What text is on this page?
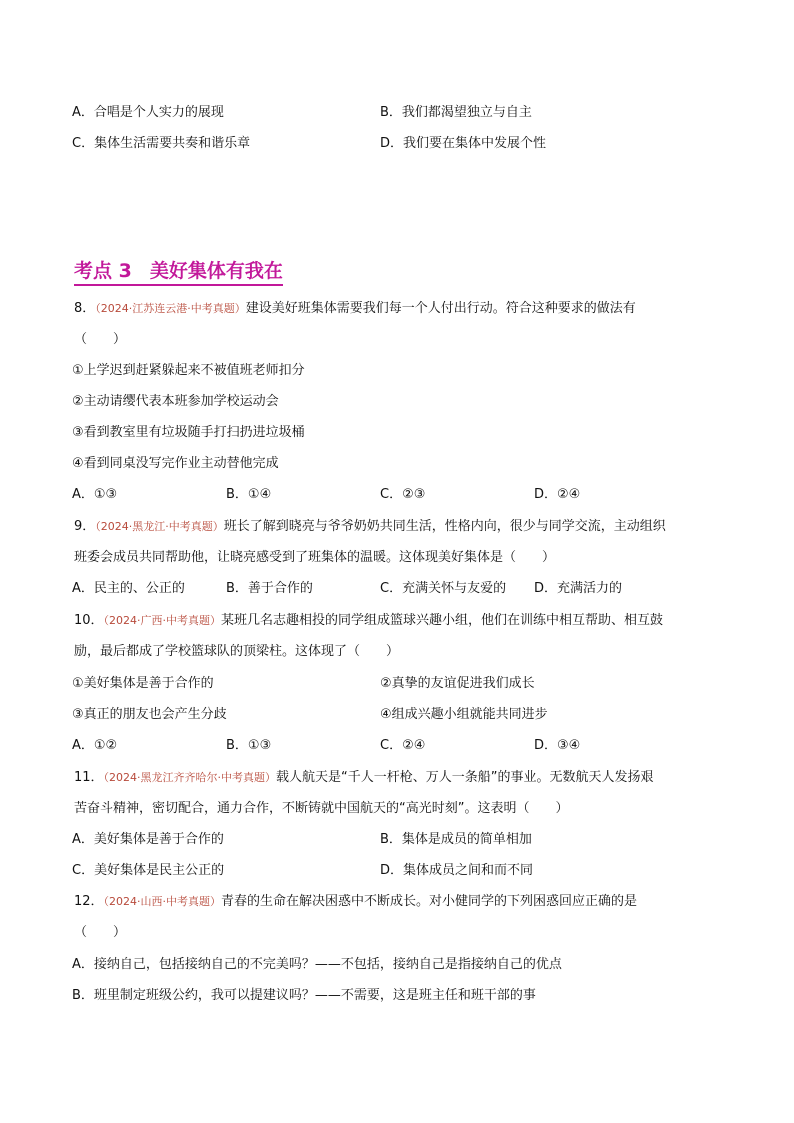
A．合唱是个人实力的展现	B．我们都渴望独立与自主
C．集体生活需要共奏和谐乐章	D．我们要在集体中发展个性
考点 3 美好集体有我在
8．（2024·江苏连云港·中考真题）建设美好班集体需要我们每一个人付出行动。符合这种要求的做法有
（　　）
①上学迟到赶紧躲起来不被值班老师扣分
②主动请缨代表本班参加学校运动会
③看到教室里有垃圾随手打扫扔进垃圾桶
④看到同桌没写完作业主动替他完成
A．①③	B．①④	C．②③	D．②④
9．（2024·黑龙江·中考真题）班长了解到晓亮与爷爷奶奶共同生活，性格内向，很少与同学交流，主动组织
班委会成员共同帮助他，让晓亮感受到了班集体的温暖。这体现美好集体是（　　）
A．民主的、公正的	B．善于合作的	C．充满关怀与友爱的 D．充满活力的
10．（2024·广西·中考真题）某班几名志趣相投的同学组成篮球兴趣小组，他们在训练中相互帮助、相互鼓
励，最后都成了学校篮球队的顶梁柱。这体现了（　　）
①美好集体是善于合作的	②真挚的友谊促进我们成长
③真正的朋友也会产生分歧	④组成兴趣小组就能共同进步
A．①②	B．①③	C．②④	D．③④
11．（2024·黑龙江齐齐哈尔·中考真题）载人航天是“千人一杆枪、万人一条船”的事业。无数航天人发扬艰
苦奋斗精神，密切配合，通力合作，不断铸就中国航天的“高光时刻”。这表明（　　）
A．美好集体是善于合作的	B．集体是成员的简单相加
C．美好集体是民主公正的	D．集体成员之间和而不同
12．（2024·山西·中考真题）青春的生命在解决困惑中不断成长。对小健同学的下列困惑回应正确的是
（　　）
A．接纳自己，包括接纳自己的不完美吗？——不包括，接纳自己是指接纳自己的优点
B．班里制定班级公约，我可以提建议吗？——不需要，这是班主任和班干部的事
